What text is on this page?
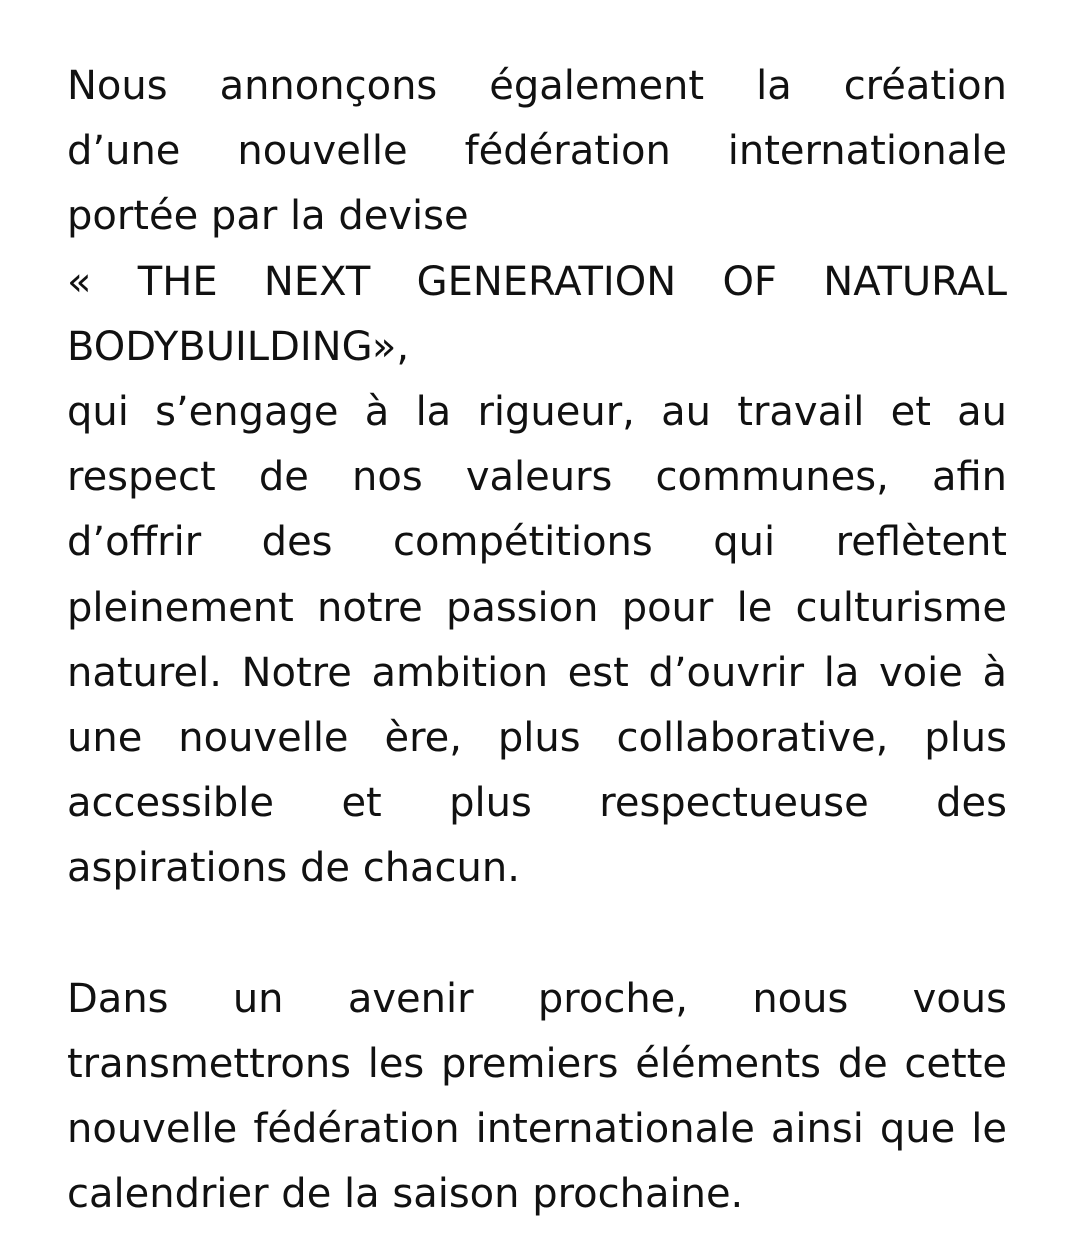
Nous annonçons également la création
d’une nouvelle fédération internationale
portée par la devise
« THE NEXT GENERATION OF NATURAL
BODYBUILDING»,
qui s’engage à la rigueur, au travail et au
respect de nos valeurs communes, afin
d’offrir des compétitions qui reflètent
pleinement notre passion pour le culturisme
naturel. Notre ambition est d’ouvrir la voie à
une nouvelle ère, plus collaborative, plus
accessible et plus respectueuse des
aspirations de chacun.
Dans un avenir proche, nous vous
transmettrons les premiers éléments de cette
nouvelle fédération internationale ainsi que le
calendrier de la saison prochaine.
